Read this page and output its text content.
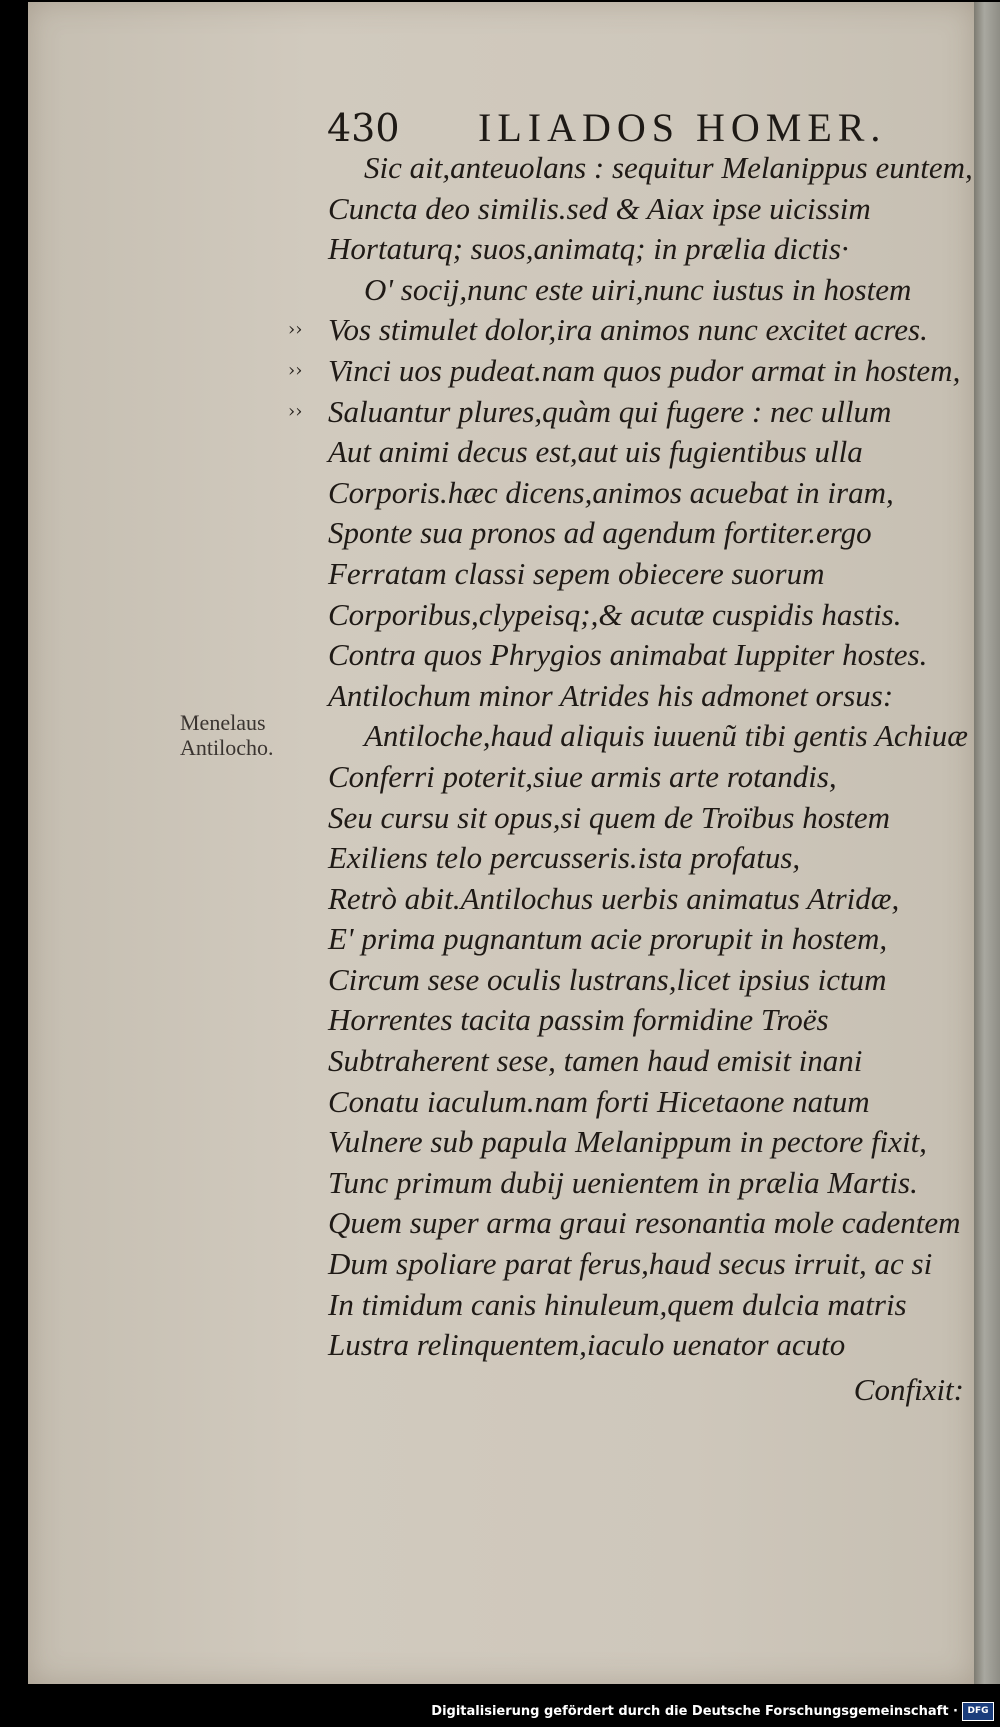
430 ILIADOS HOMER.
Menelaus
Antilocho.
Sic ait,anteuolans : sequitur Melanippus euntem,
Cuncta deo similis.sed & Aiax ipse uicissim
Hortaturq; suos,animatq; in prælia dictis·
O' socij,nunc este uiri,nunc iustus in hostem
›› Vos stimulet dolor,ira animos nunc excitet acres.
›› Vinci uos pudeat.nam quos pudor armat in hostem,
›› Saluantur plures,quàm qui fugere : nec ullum
Aut animi decus est,aut uis fugientibus ulla
Corporis.hæc dicens,animos acuebat in iram,
Sponte sua pronos ad agendum fortiter.ergo
Ferratam classi sepem obiecere suorum
Corporibus,clypeisq;,& acutæ cuspidis hastis.
Contra quos Phrygios animabat Iuppiter hostes.
Antilochum minor Atrides his admonet orsus:
Antiloche,haud aliquis iuuenũ tibi gentis Achiuæ
Conferri poterit,siue armis arte rotandis,
Seu cursu sit opus,si quem de Troïbus hostem
Exiliens telo percusseris.ista profatus,
Retrò abit.Antilochus uerbis animatus Atridæ,
E' prima pugnantum acie prorupit in hostem,
Circum sese oculis lustrans,licet ipsius ictum
Horrentes tacita passim formidine Troës
Subtraherent sese, tamen haud emisit inani
Conatu iaculum.nam forti Hicetaone natum
Vulnere sub papula Melanippum in pectore fixit,
Tunc primum dubij uenientem in prælia Martis.
Quem super arma graui resonantia mole cadentem
Dum spoliare parat ferus,haud secus irruit, ac si
In timidum canis hinuleum,quem dulcia matris
Lustra relinquentem,iaculo uenator acuto
Confixit:
Digitalisierung gefördert durch die Deutsche Forschungsgemeinschaft ·	DFG
